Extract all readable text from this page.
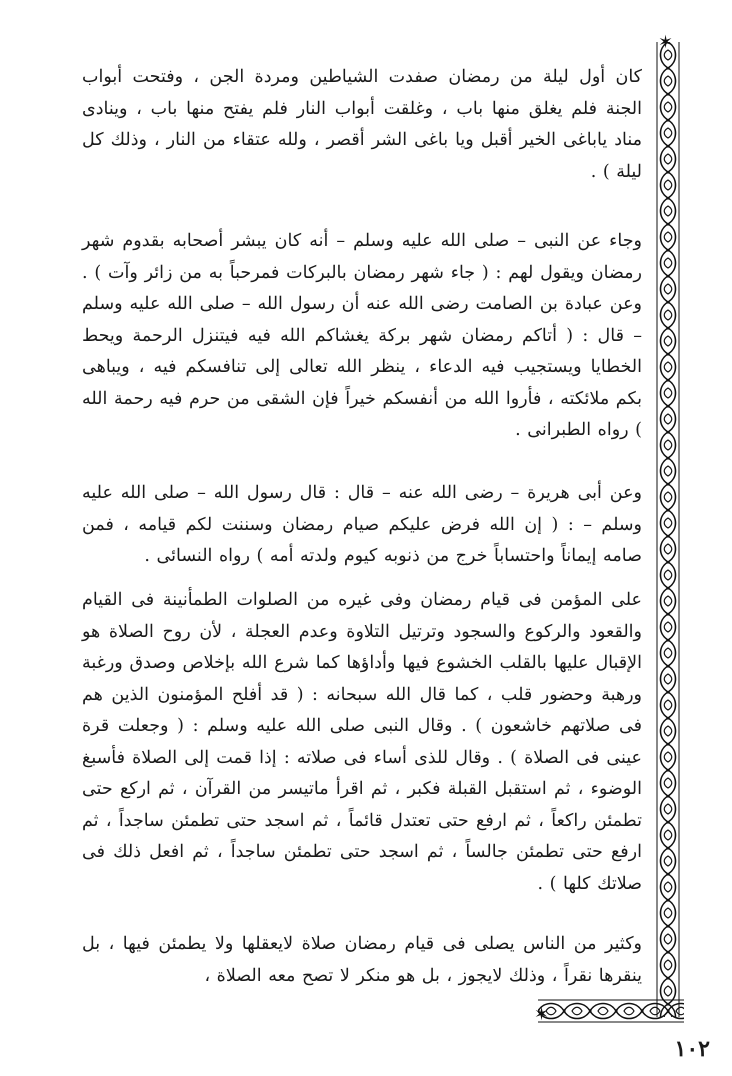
✶
✶
كان أول ليلة من رمضان صفدت الشياطين ومردة الجن ، وفتحت أبواب الجنة فلم يغلق منها باب ، وغلقت أبواب النار فلم يفتح منها باب ، وينادى مناد ياباغى الخير أقبل ويا باغى الشر أقصر ، ولله عتقاء من النار ، وذلك كل ليلة ) .
وجاء عن النبى – صلى الله عليه وسلم – أنه كان يبشر أصحابه بقدوم شهر رمضان ويقول لهم : ( جاء شهر رمضان بالبركات فمرحباً به من زائر وآت ) . وعن عبادة بن الصامت رضى الله عنه أن رسول الله – صلى الله عليه وسلم – قال : ( أتاكم رمضان شهر بركة يغشاكم الله فيه فيتنزل الرحمة ويحط الخطايا ويستجيب فيه الدعاء ، ينظر الله تعالى إلى تنافسكم فيه ، ويباهى بكم ملائكته ، فأروا الله من أنفسكم خيراً فإن الشقى من حرم فيه رحمة الله ) رواه الطبرانى .
وعن أبى هريرة – رضى الله عنه – قال : قال رسول الله – صلى الله عليه وسلم – : ( إن الله فرض عليكم صيام رمضان وسننت لكم قيامه ، فمن صامه إيماناً واحتساباً خرج من ذنوبه كيوم ولدته أمه ) رواه النسائى .
على المؤمن فى قيام رمضان وفى غيره من الصلوات الطمأنينة فى القيام والقعود والركوع والسجود وترتيل التلاوة وعدم العجلة ، لأن روح الصلاة هو الإقبال عليها بالقلب الخشوع فيها وأداؤها كما شرع الله بإخلاص وصدق ورغبة ورهبة وحضور قلب ، كما قال الله سبحانه : ( قد أفلح المؤمنون الذين هم فى صلاتهم خاشعون ) . وقال النبى صلى الله عليه وسلم : ( وجعلت قرة عينى فى الصلاة ) . وقال للذى أساء فى صلاته : إذا قمت إلى الصلاة فأسبغ الوضوء ، ثم استقبل القبلة فكبر ، ثم اقرأ ماتيسر من القرآن ، ثم اركع حتى تطمئن راكعاً ، ثم ارفع حتى تعتدل قائماً ، ثم اسجد حتى تطمئن ساجداً ، ثم ارفع حتى تطمئن جالساً ، ثم اسجد حتى تطمئن ساجداً ، ثم افعل ذلك فى صلاتك كلها ) .
وكثير من الناس يصلى فى قيام رمضان صلاة لايعقلها ولا يطمئن فيها ، بل ينقرها نقراً ، وذلك لايجوز ، بل هو منكر لا تصح معه الصلاة ،
١٠٢
